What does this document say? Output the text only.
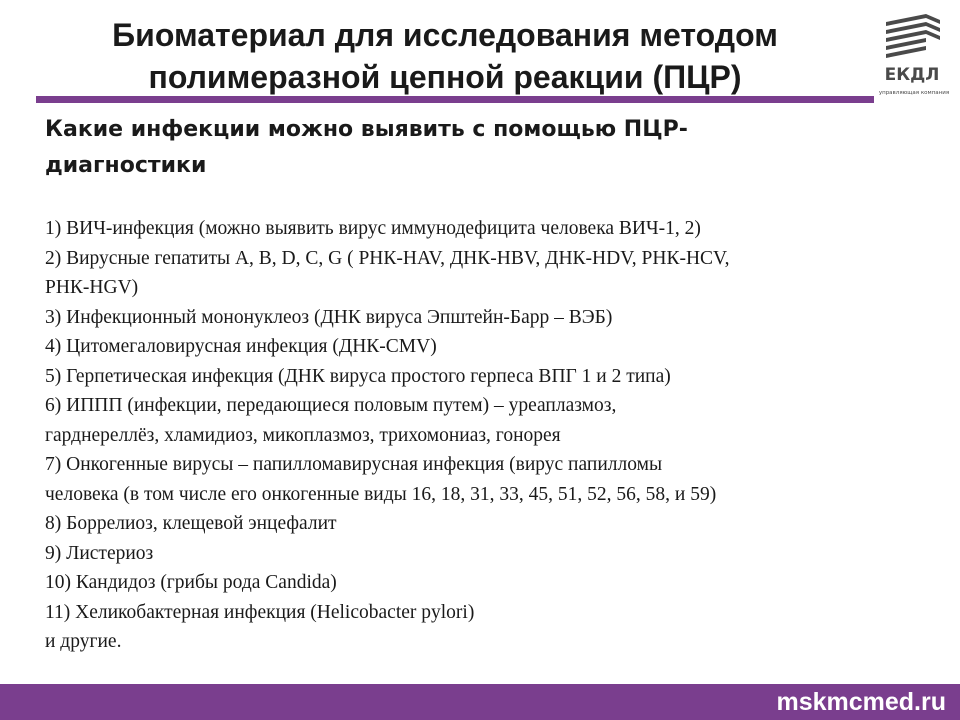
Биоматериал для исследования методом
полимеразной цепной реакции (ПЦР)	ЕКДЛ
управляющая компания
Какие инфекции можно выявить с помощью ПЦР-
диагностики
1) ВИЧ-инфекция (можно выявить вирус иммунодефицита человека ВИЧ-1, 2)
2) Вирусные гепатиты А, В, D, С, G ( РНК-HAV, ДНК-HBV, ДНК-HDV, РНК-HCV,
РНК-HGV)
3) Инфекционный мононуклеоз (ДНК вируса Эпштейн-Барр – ВЭБ)
4) Цитомегаловирусная инфекция (ДНК-CMV)
5) Герпетическая инфекция (ДНК вируса простого герпеса ВПГ 1 и 2 типа)
6) ИППП (инфекции, передающиеся половым путем) – уреаплазмоз,
гарднереллёз, хламидиоз, микоплазмоз, трихомониаз, гонорея
7) Онкогенные вирусы – папилломавирусная инфекция (вирус папилломы
человека (в том числе его онкогенные виды 16, 18, 31, 33, 45, 51, 52, 56, 58, и 59)
8) Боррелиоз, клещевой энцефалит
9) Листериоз
10) Кандидоз (грибы рода Candida)
11) Хеликобактерная инфекция (Helicobacter pylori)
и другие.
mskmcmed.ru
